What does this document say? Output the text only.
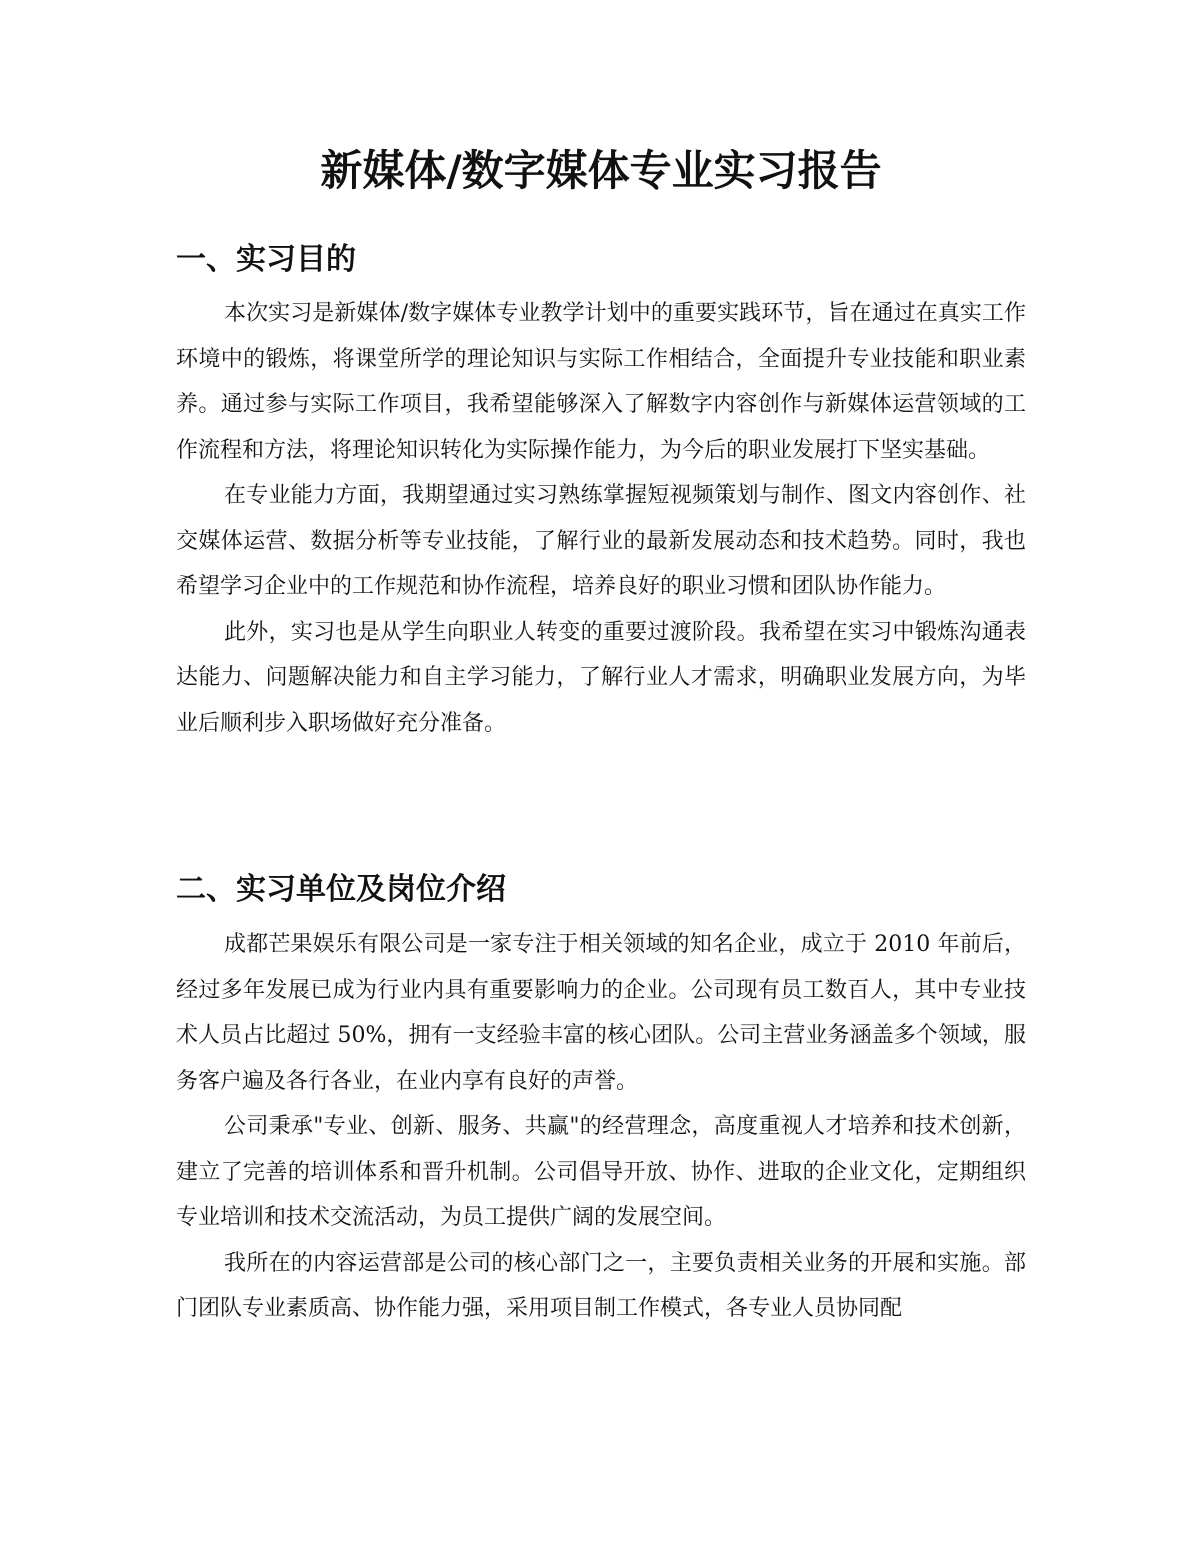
新媒体/数字媒体专业实习报告
一、实习目的

本次实习是新媒体/数字媒体专业教学计划中的重要实践环节，旨在通过在真实工作环境中的锻炼，将课堂所学的理论知识与实际工作相结合，全面提升专业技能和职业素养。通过参与实际工作项目，我希望能够深入了解数字内容创作与新媒体运营领域的工作流程和方法，将理论知识转化为实际操作能力，为今后的职业发展打下坚实基础。

在专业能力方面，我期望通过实习熟练掌握短视频策划与制作、图文内容创作、社交媒体运营、数据分析等专业技能，了解行业的最新发展动态和技术趋势。同时，我也希望学习企业中的工作规范和协作流程，培养良好的职业习惯和团队协作能力。

此外，实习也是从学生向职业人转变的重要过渡阶段。我希望在实习中锻炼沟通表达能力、问题解决能力和自主学习能力，了解行业人才需求，明确职业发展方向，为毕业后顺利步入职场做好充分准备。

二、实习单位及岗位介绍

成都芒果娱乐有限公司是一家专注于相关领域的知名企业，成立于 2010 年前后，经过多年发展已成为行业内具有重要影响力的企业。公司现有员工数百人，其中专业技术人员占比超过 50%，拥有一支经验丰富的核心团队。公司主营业务涵盖多个领域，服务客户遍及各行各业，在业内享有良好的声誉。

公司秉承"专业、创新、服务、共赢"的经营理念，高度重视人才培养和技术创新，建立了完善的培训体系和晋升机制。公司倡导开放、协作、进取的企业文化，定期组织专业培训和技术交流活动，为员工提供广阔的发展空间。

我所在的内容运营部是公司的核心部门之一，主要负责相关业务的开展和实施。部门团队专业素质高、协作能力强，采用项目制工作模式，各专业人员协同配
